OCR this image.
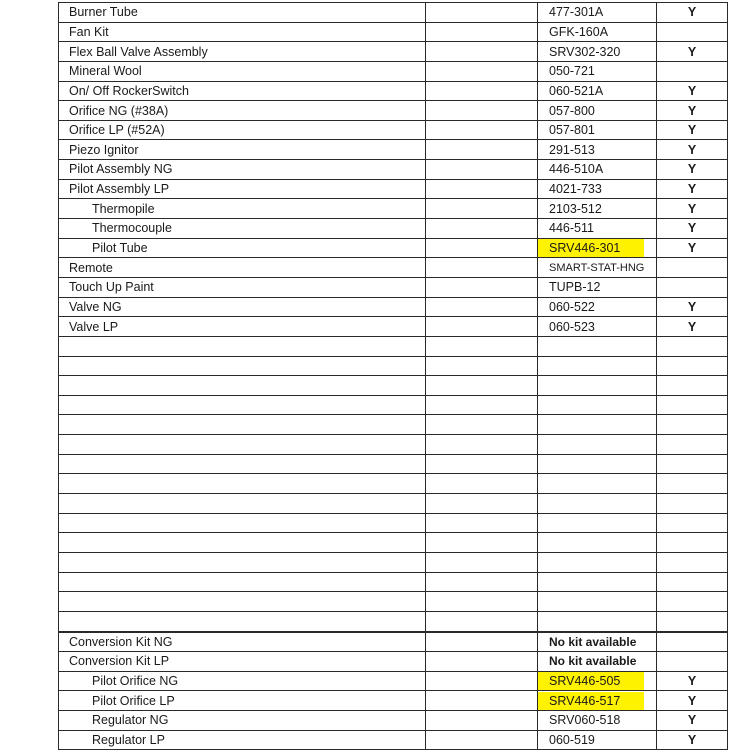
Burner Tube		477-301A	Y
Fan Kit		GFK-160A	
Flex Ball Valve Assembly		SRV302-320	Y
Mineral Wool		050-721	
On/ Off RockerSwitch		060-521A	Y
Orifice NG (#38A)		057-800	Y
Orifice LP (#52A)		057-801	Y
Piezo Ignitor		291-513	Y
Pilot Assembly NG		446-510A	Y
Pilot Assembly LP		4021-733	Y
Thermopile		2103-512	Y
Thermocouple		446-511	Y
Pilot Tube		SRV446-301	Y
Remote		SMART-STAT-HNG	
Touch Up Paint		TUPB-12	
Valve NG		060-522	Y
Valve LP		060-523	Y

Conversion Kit NG		No kit available	
Conversion Kit LP		No kit available	
Pilot Orifice NG		SRV446-505	Y
Pilot Orifice LP		SRV446-517	Y
Regulator NG		SRV060-518	Y
Regulator LP		060-519	Y
